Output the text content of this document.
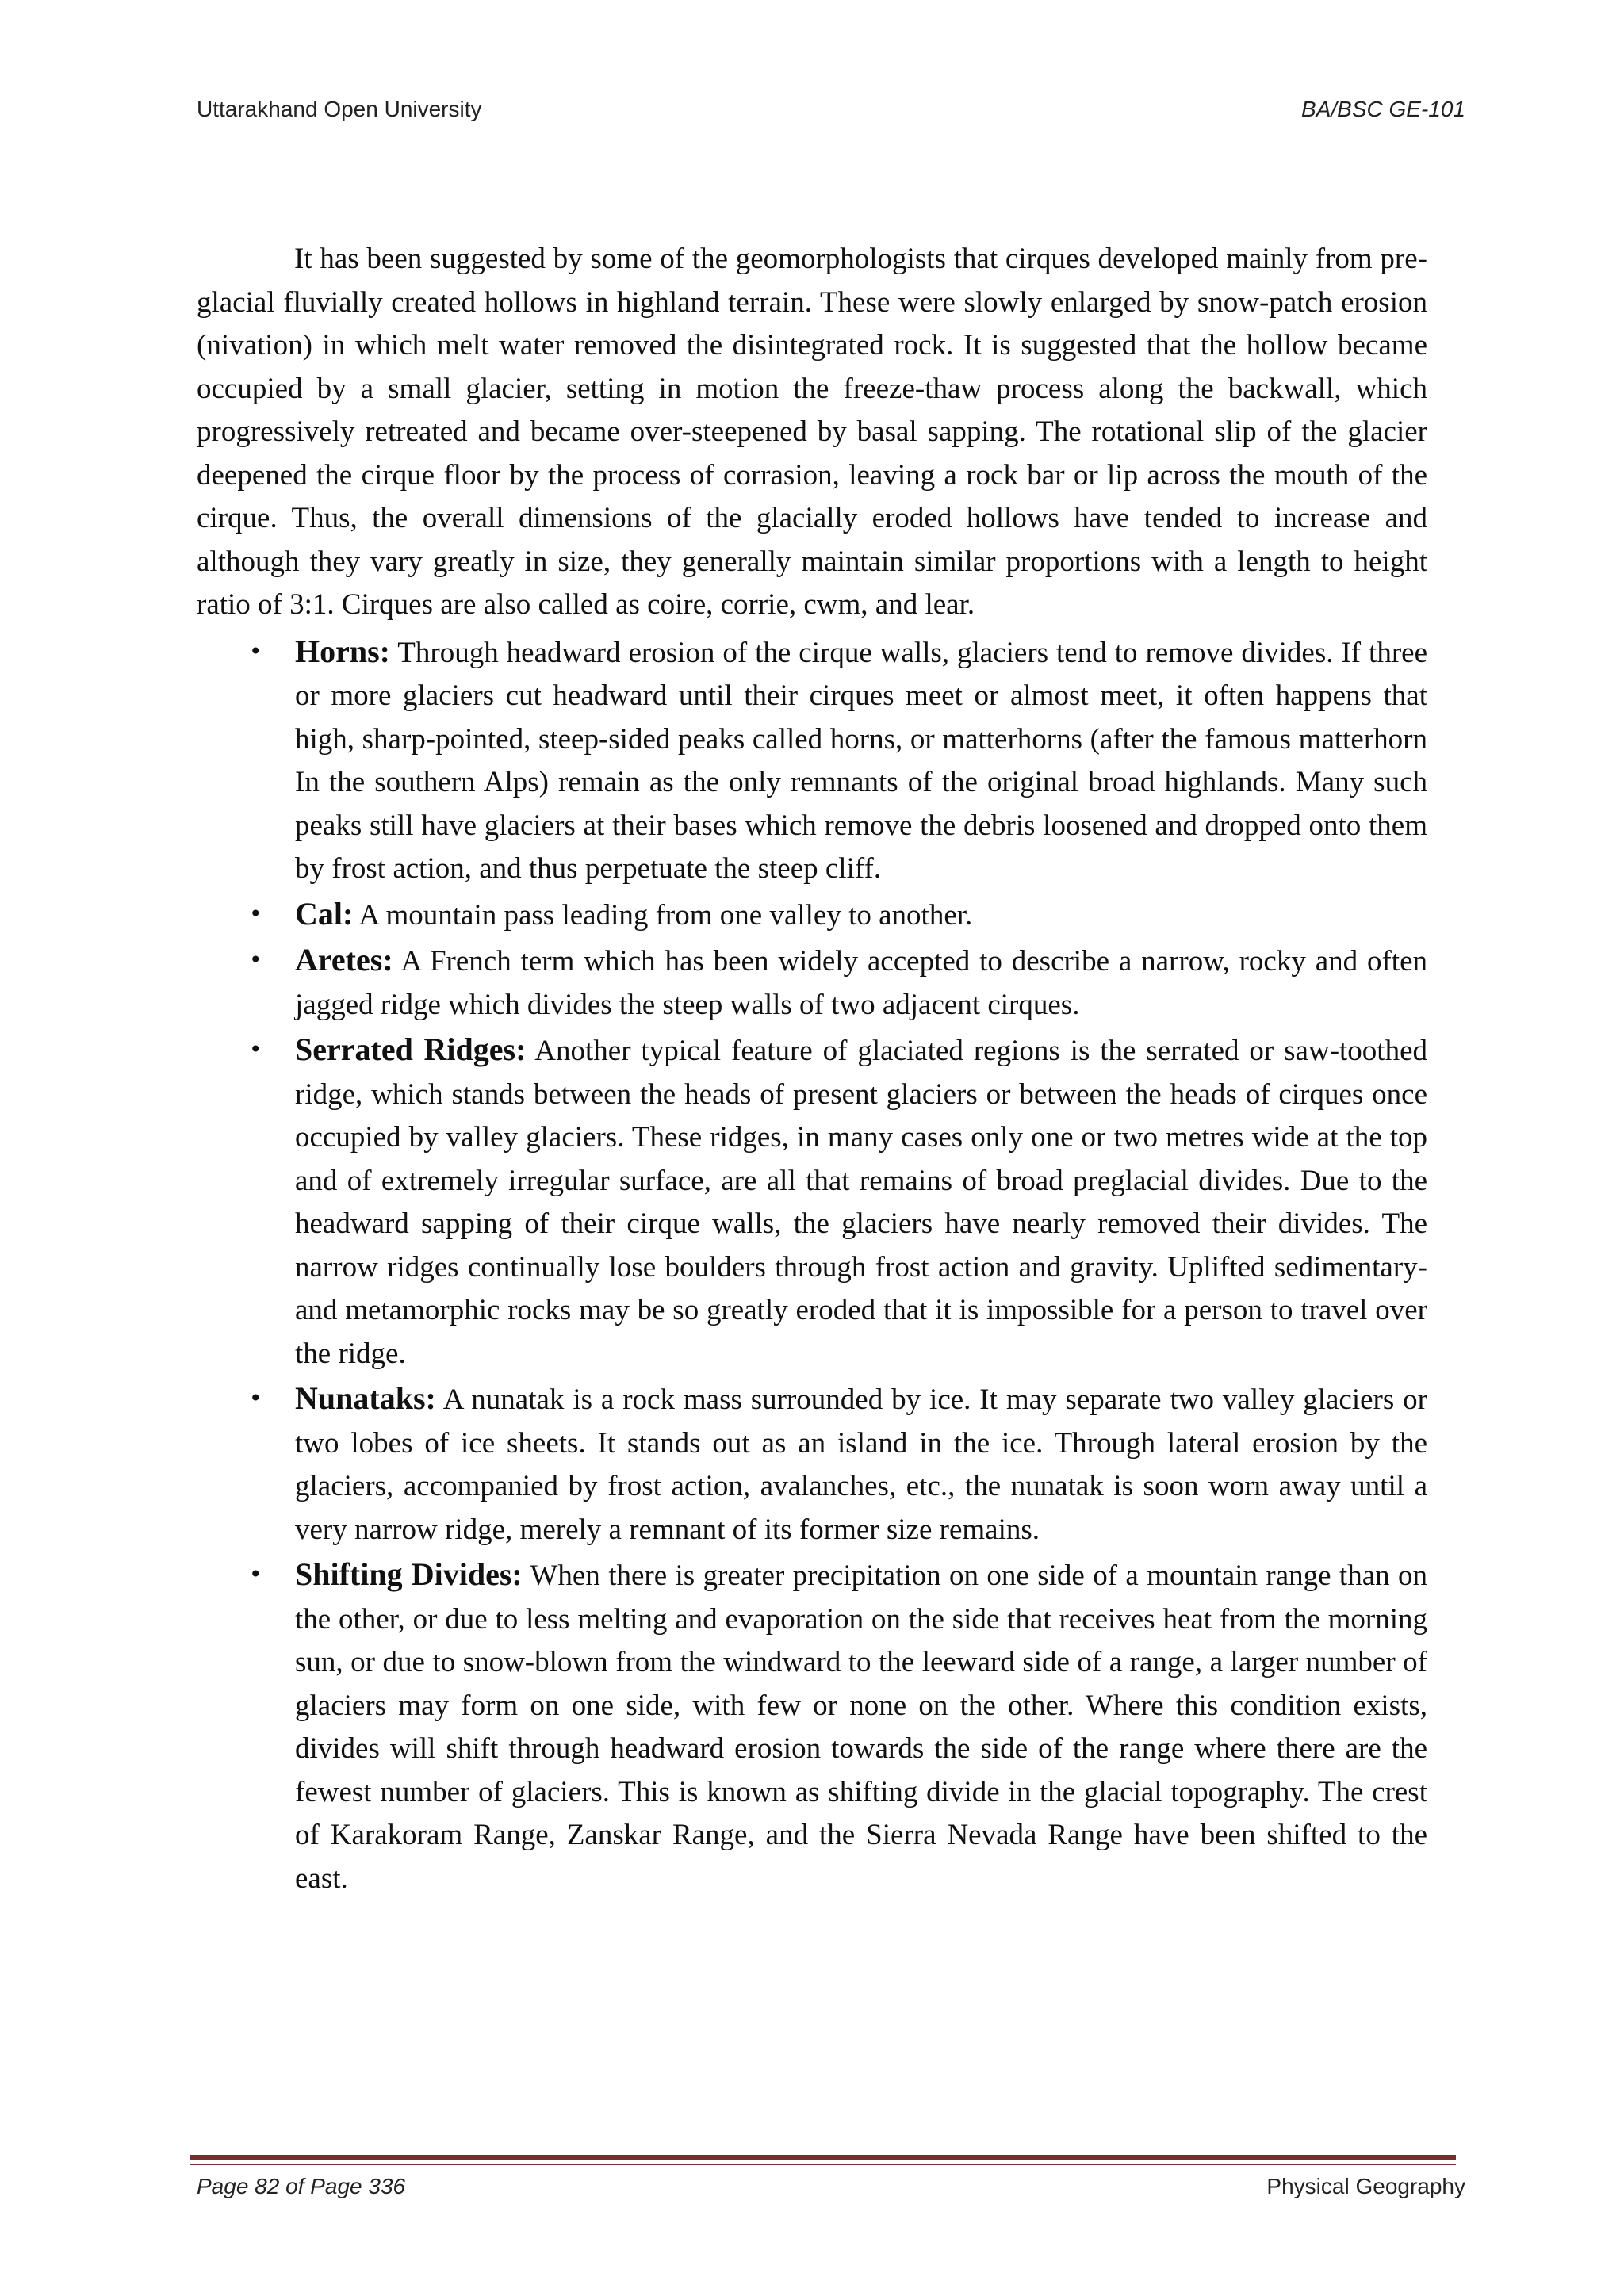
Uttarakhand Open University	BA/BSC GE-101

It has been suggested by some of the geomorphologists that cirques developed mainly from pre-glacial fluvially created hollows in highland terrain. These were slowly enlarged by snow-patch erosion (nivation) in which melt water removed the disintegrated rock. It is suggested that the hollow became occupied by a small glacier, setting in motion the freeze-thaw process along the backwall, which progressively retreated and became over-steepened by basal sapping. The rotational slip of the glacier deepened the cirque floor by the process of corrasion, leaving a rock bar or lip across the mouth of the cirque. Thus, the overall dimensions of the glacially eroded hollows have tended to increase and although they vary greatly in size, they generally maintain similar proportions with a length to height ratio of 3:1. Cirques are also called as coire, corrie, cwm, and lear.

• Horns: Through headward erosion of the cirque walls, glaciers tend to remove divides. If three or more glaciers cut headward until their cirques meet or almost meet, it often happens that high, sharp-pointed, steep-sided peaks called horns, or matterhorns (after the famous matterhorn In the southern Alps) remain as the only remnants of the original broad highlands. Many such peaks still have glaciers at their bases which remove the debris loosened and dropped onto them by frost action, and thus perpetuate the steep cliff.
• Cal: A mountain pass leading from one valley to another.
• Aretes: A French term which has been widely accepted to describe a narrow, rocky and often jagged ridge which divides the steep walls of two adjacent cirques.
• Serrated Ridges: Another typical feature of glaciated regions is the serrated or saw-toothed ridge, which stands between the heads of present glaciers or between the heads of cirques once occupied by valley glaciers. These ridges, in many cases only one or two metres wide at the top and of extremely irregular surface, are all that remains of broad preglacial divides. Due to the headward sapping of their cirque walls, the glaciers have nearly removed their divides. The narrow ridges continually lose boulders through frost action and gravity. Uplifted sedimentary- and metamorphic rocks may be so greatly eroded that it is impossible for a person to travel over the ridge.
• Nunataks: A nunatak is a rock mass surrounded by ice. It may separate two valley glaciers or two lobes of ice sheets. It stands out as an island in the ice. Through lateral erosion by the glaciers, accompanied by frost action, avalanches, etc., the nunatak is soon worn away until a very narrow ridge, merely a remnant of its former size remains.
• Shifting Divides: When there is greater precipitation on one side of a mountain range than on the other, or due to less melting and evaporation on the side that receives heat from the morning sun, or due to snow-blown from the windward to the leeward side of a range, a larger number of glaciers may form on one side, with few or none on the other. Where this condition exists, divides will shift through headward erosion towards the side of the range where there are the fewest number of glaciers. This is known as shifting divide in the glacial topography. The crest of Karakoram Range, Zanskar Range, and the Sierra Nevada Range have been shifted to the east.
Page 82 of Page 336	Physical Geography
